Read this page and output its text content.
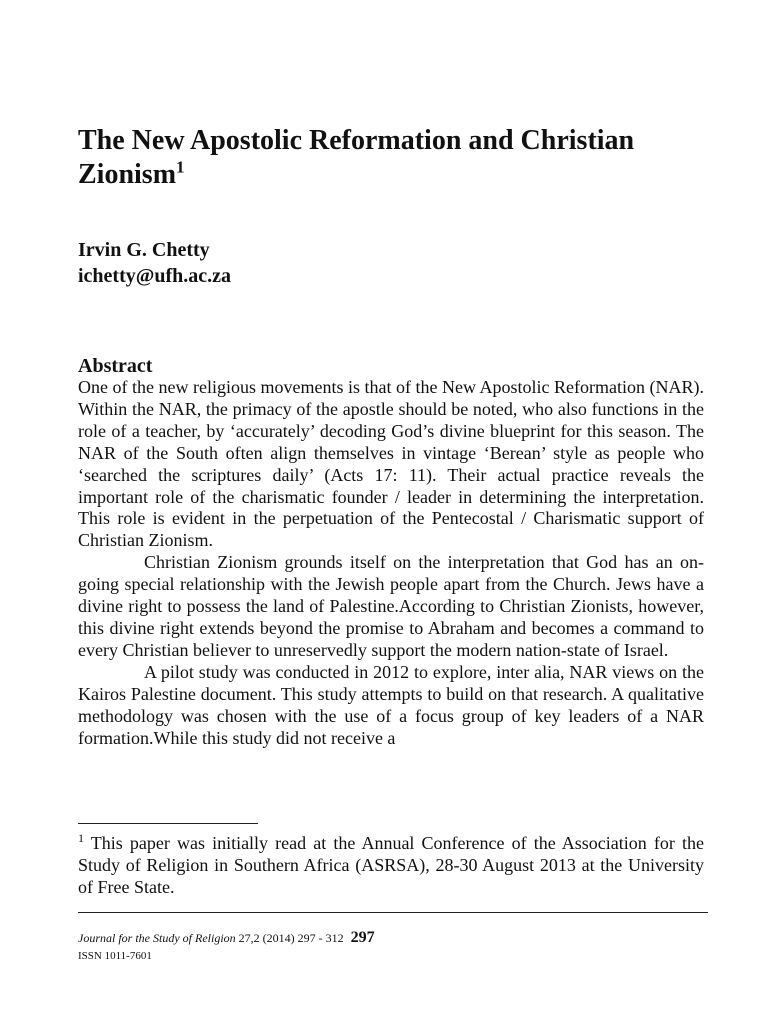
The New Apostolic Reformation and Christian Zionism$^1$
Irvin G. Chetty
ichetty@ufh.ac.za
Abstract

One of the new religious movements is that of the New Apostolic Reformation (NAR). Within the NAR, the primacy of the apostle should be noted, who also functions in the role of a teacher, by ‘accurately’ decoding God’s divine blueprint for this season. The NAR of the South often align themselves in vintage ‘Berean’ style as people who ‘searched the scriptures daily’ (Acts 17: 11). Their actual practice reveals the important role of the charismatic founder / leader in determining the interpretation. This role is evident in the perpetuation of the Pentecostal / Charismatic support of Christian Zionism.

Christian Zionism grounds itself on the interpretation that God has an on-going special relationship with the Jewish people apart from the Church. Jews have a divine right to possess the land of Palestine.According to Christian Zionists, however, this divine right extends beyond the promise to Abraham and becomes a command to every Christian believer to unreservedly support the modern nation-state of Israel.

A pilot study was conducted in 2012 to explore, inter alia, NAR views on the Kairos Palestine document. This study attempts to build on that research. A qualitative methodology was chosen with the use of a focus group of key leaders of a NAR formation.While this study did not receive a

$^1$ This paper was initially read at the Annual Conference of the Association for the Study of Religion in Southern Africa (ASRSA), 28-30 August 2013 at the University of Free State.
Journal for the Study of Religion 27,2 (2014) 297 - 312 297
ISSN 1011-7601
